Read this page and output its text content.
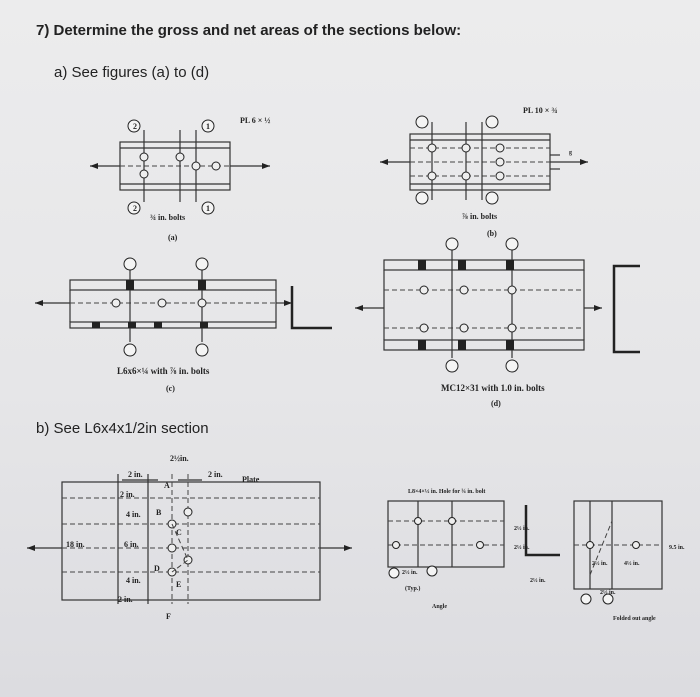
7) Determine the gross and net areas of the sections below:
a) See figures (a) to (d)
2	1
2	1
PL 6 × ½
¾ in. bolts
(a)
PL 10 × ¾
g
⅞ in. bolts
(b)
L6x6×¼ with ⅞ in. bolts
(c)	MC12×31 with 1.0 in. bolts
(d)
b) See L6x4x1/2in section
2½in.
2 in.	2 in.
Plate
2 in.
4 in.
18 in.	6 in.
4 in.
2 in.
A
B
C
D
E
F
L8×4×½ in. Hole for ¾ in. bolt
2½ in.
(Typ.)
Angle
2½ in.
2½ in.
2½ in.
2½ in.	4½ in.
2½ in.
9.5 in.
Folded out angle
